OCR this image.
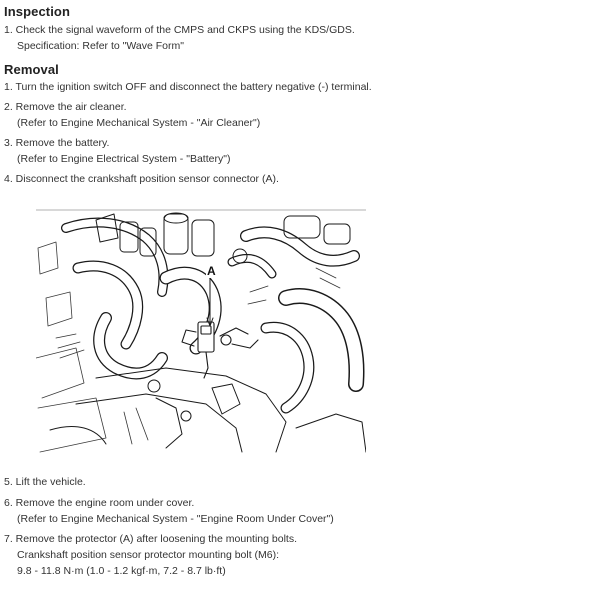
Inspection

1. Check the signal waveform of the CMPS and CKPS using the KDS/GDS.

Specification: Refer to "Wave Form"

Removal

1. Turn the ignition switch OFF and disconnect the battery negative (-) terminal.

2. Remove the air cleaner.

(Refer to Engine Mechanical System - "Air Cleaner")

3. Remove the battery.

(Refer to Engine Electrical System - "Battery")

4. Disconnect the crankshaft position sensor connector (A).

A

5. Lift the vehicle.

6. Remove the engine room under cover.

(Refer to Engine Mechanical System - "Engine Room Under Cover")

7. Remove the protector (A) after loosening the mounting bolts.

Crankshaft position sensor protector mounting bolt (M6):

9.8 - 11.8 N·m (1.0 - 1.2 kgf·m, 7.2 - 8.7 lb·ft)
